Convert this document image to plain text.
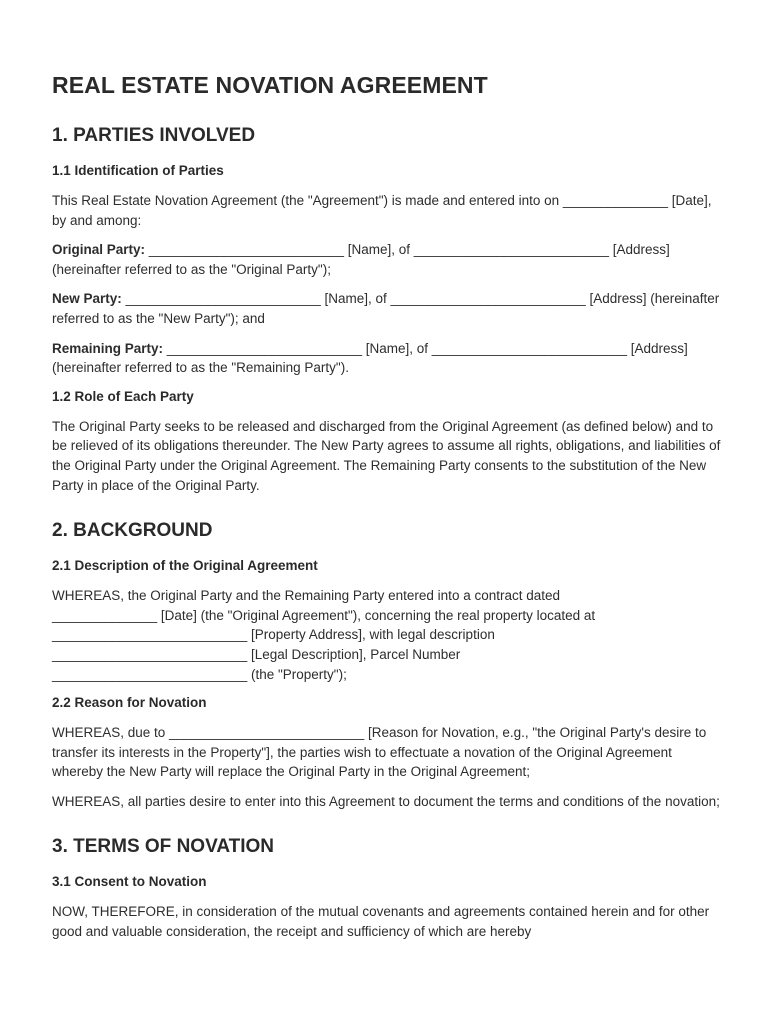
REAL ESTATE NOVATION AGREEMENT
1. PARTIES INVOLVED
1.1 Identification of Parties

This Real Estate Novation Agreement (the "Agreement") is made and entered into on ______________ [Date], by and among:

Original Party: __________________________ [Name], of __________________________ [Address] (hereinafter referred to as the "Original Party");

New Party: __________________________ [Name], of __________________________ [Address] (hereinafter referred to as the "New Party"); and

Remaining Party: __________________________ [Name], of __________________________ [Address] (hereinafter referred to as the "Remaining Party").

1.2 Role of Each Party

The Original Party seeks to be released and discharged from the Original Agreement (as defined below) and to be relieved of its obligations thereunder. The New Party agrees to assume all rights, obligations, and liabilities of the Original Party under the Original Agreement. The Remaining Party consents to the substitution of the New Party in place of the Original Party.

2. BACKGROUND
2.1 Description of the Original Agreement

WHEREAS, the Original Party and the Remaining Party entered into a contract dated
______________ [Date] (the "Original Agreement"), concerning the real property located at
__________________________ [Property Address], with legal description
__________________________ [Legal Description], Parcel Number
__________________________ (the "Property");

2.2 Reason for Novation

WHEREAS, due to __________________________ [Reason for Novation, e.g., "the Original Party's desire to transfer its interests in the Property"], the parties wish to effectuate a novation of the Original Agreement whereby the New Party will replace the Original Party in the Original Agreement;

WHEREAS, all parties desire to enter into this Agreement to document the terms and conditions of the novation;

3. TERMS OF NOVATION
3.1 Consent to Novation

NOW, THEREFORE, in consideration of the mutual covenants and agreements contained herein and for other good and valuable consideration, the receipt and sufficiency of which are hereby
